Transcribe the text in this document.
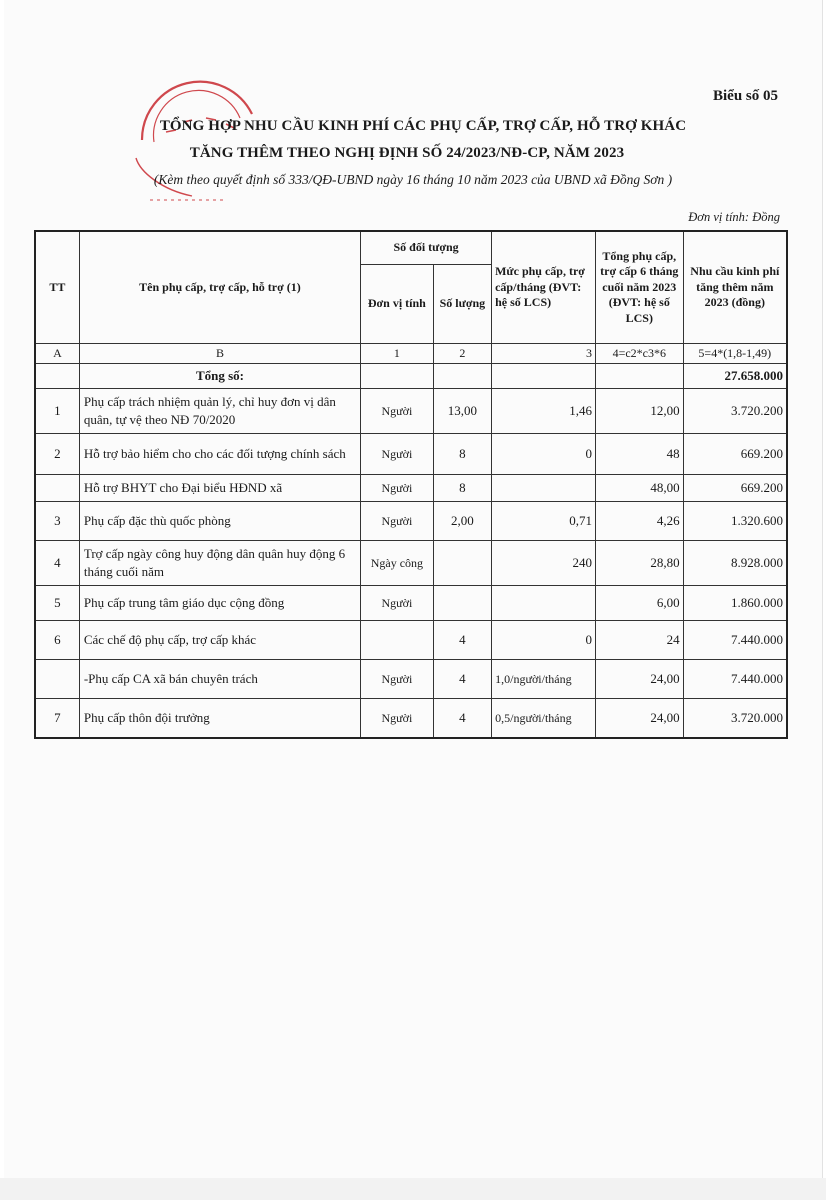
Biểu số 05
TỔNG HỢP NHU CẦU KINH PHÍ CÁC PHỤ CẤP, TRỢ CẤP, HỖ TRỢ KHÁC
TĂNG THÊM THEO NGHỊ ĐỊNH SỐ 24/2023/NĐ-CP, NĂM 2023
(Kèm theo quyết định số 333/QĐ-UBND ngày 16 tháng 10 năm 2023 của UBND xã Đồng Sơn )
Đơn vị tính: Đồng
TT	Tên phụ cấp, trợ cấp, hỗ trợ (1)	Số đối tượng		Mức phụ cấp, trợ cấp/tháng (ĐVT: hệ số LCS)	Tổng phụ cấp, trợ cấp 6 tháng cuối năm 2023 (ĐVT: hệ số LCS)	Nhu cầu kinh phí tăng thêm năm 2023 (đồng)
		Đơn vị tính	Số lượng			
A	B	1	2	3	4=c2*c3*6	5=4*(1,8-1,49)
	Tổng số:					27.658.000
1	Phụ cấp trách nhiệm quản lý, chỉ huy đơn vị dân quân, tự vệ theo NĐ 70/2020	Người	13,00	1,46	12,00	3.720.200
2	Hỗ trợ bảo hiểm cho cho các đối tượng chính sách	Người	8	0	48	669.200
	Hỗ trợ BHYT cho Đại biểu HĐND xã	Người	8		48,00	669.200
3	Phụ cấp đặc thù quốc phòng	Người	2,00	0,71	4,26	1.320.600
4	Trợ cấp ngày công huy động dân quân huy động 6 tháng cuối năm	Ngày công		240	28,80	8.928.000
5	Phụ cấp trung tâm giáo dục cộng đồng	Người			6,00	1.860.000
6	Các chế độ phụ cấp, trợ cấp khác		4	0	24	7.440.000
	-Phụ cấp CA xã bán chuyên trách	Người	4	1,0/người/tháng	24,00	7.440.000
7	Phụ cấp thôn đội trưởng	Người	4	0,5/người/tháng	24,00	3.720.000
